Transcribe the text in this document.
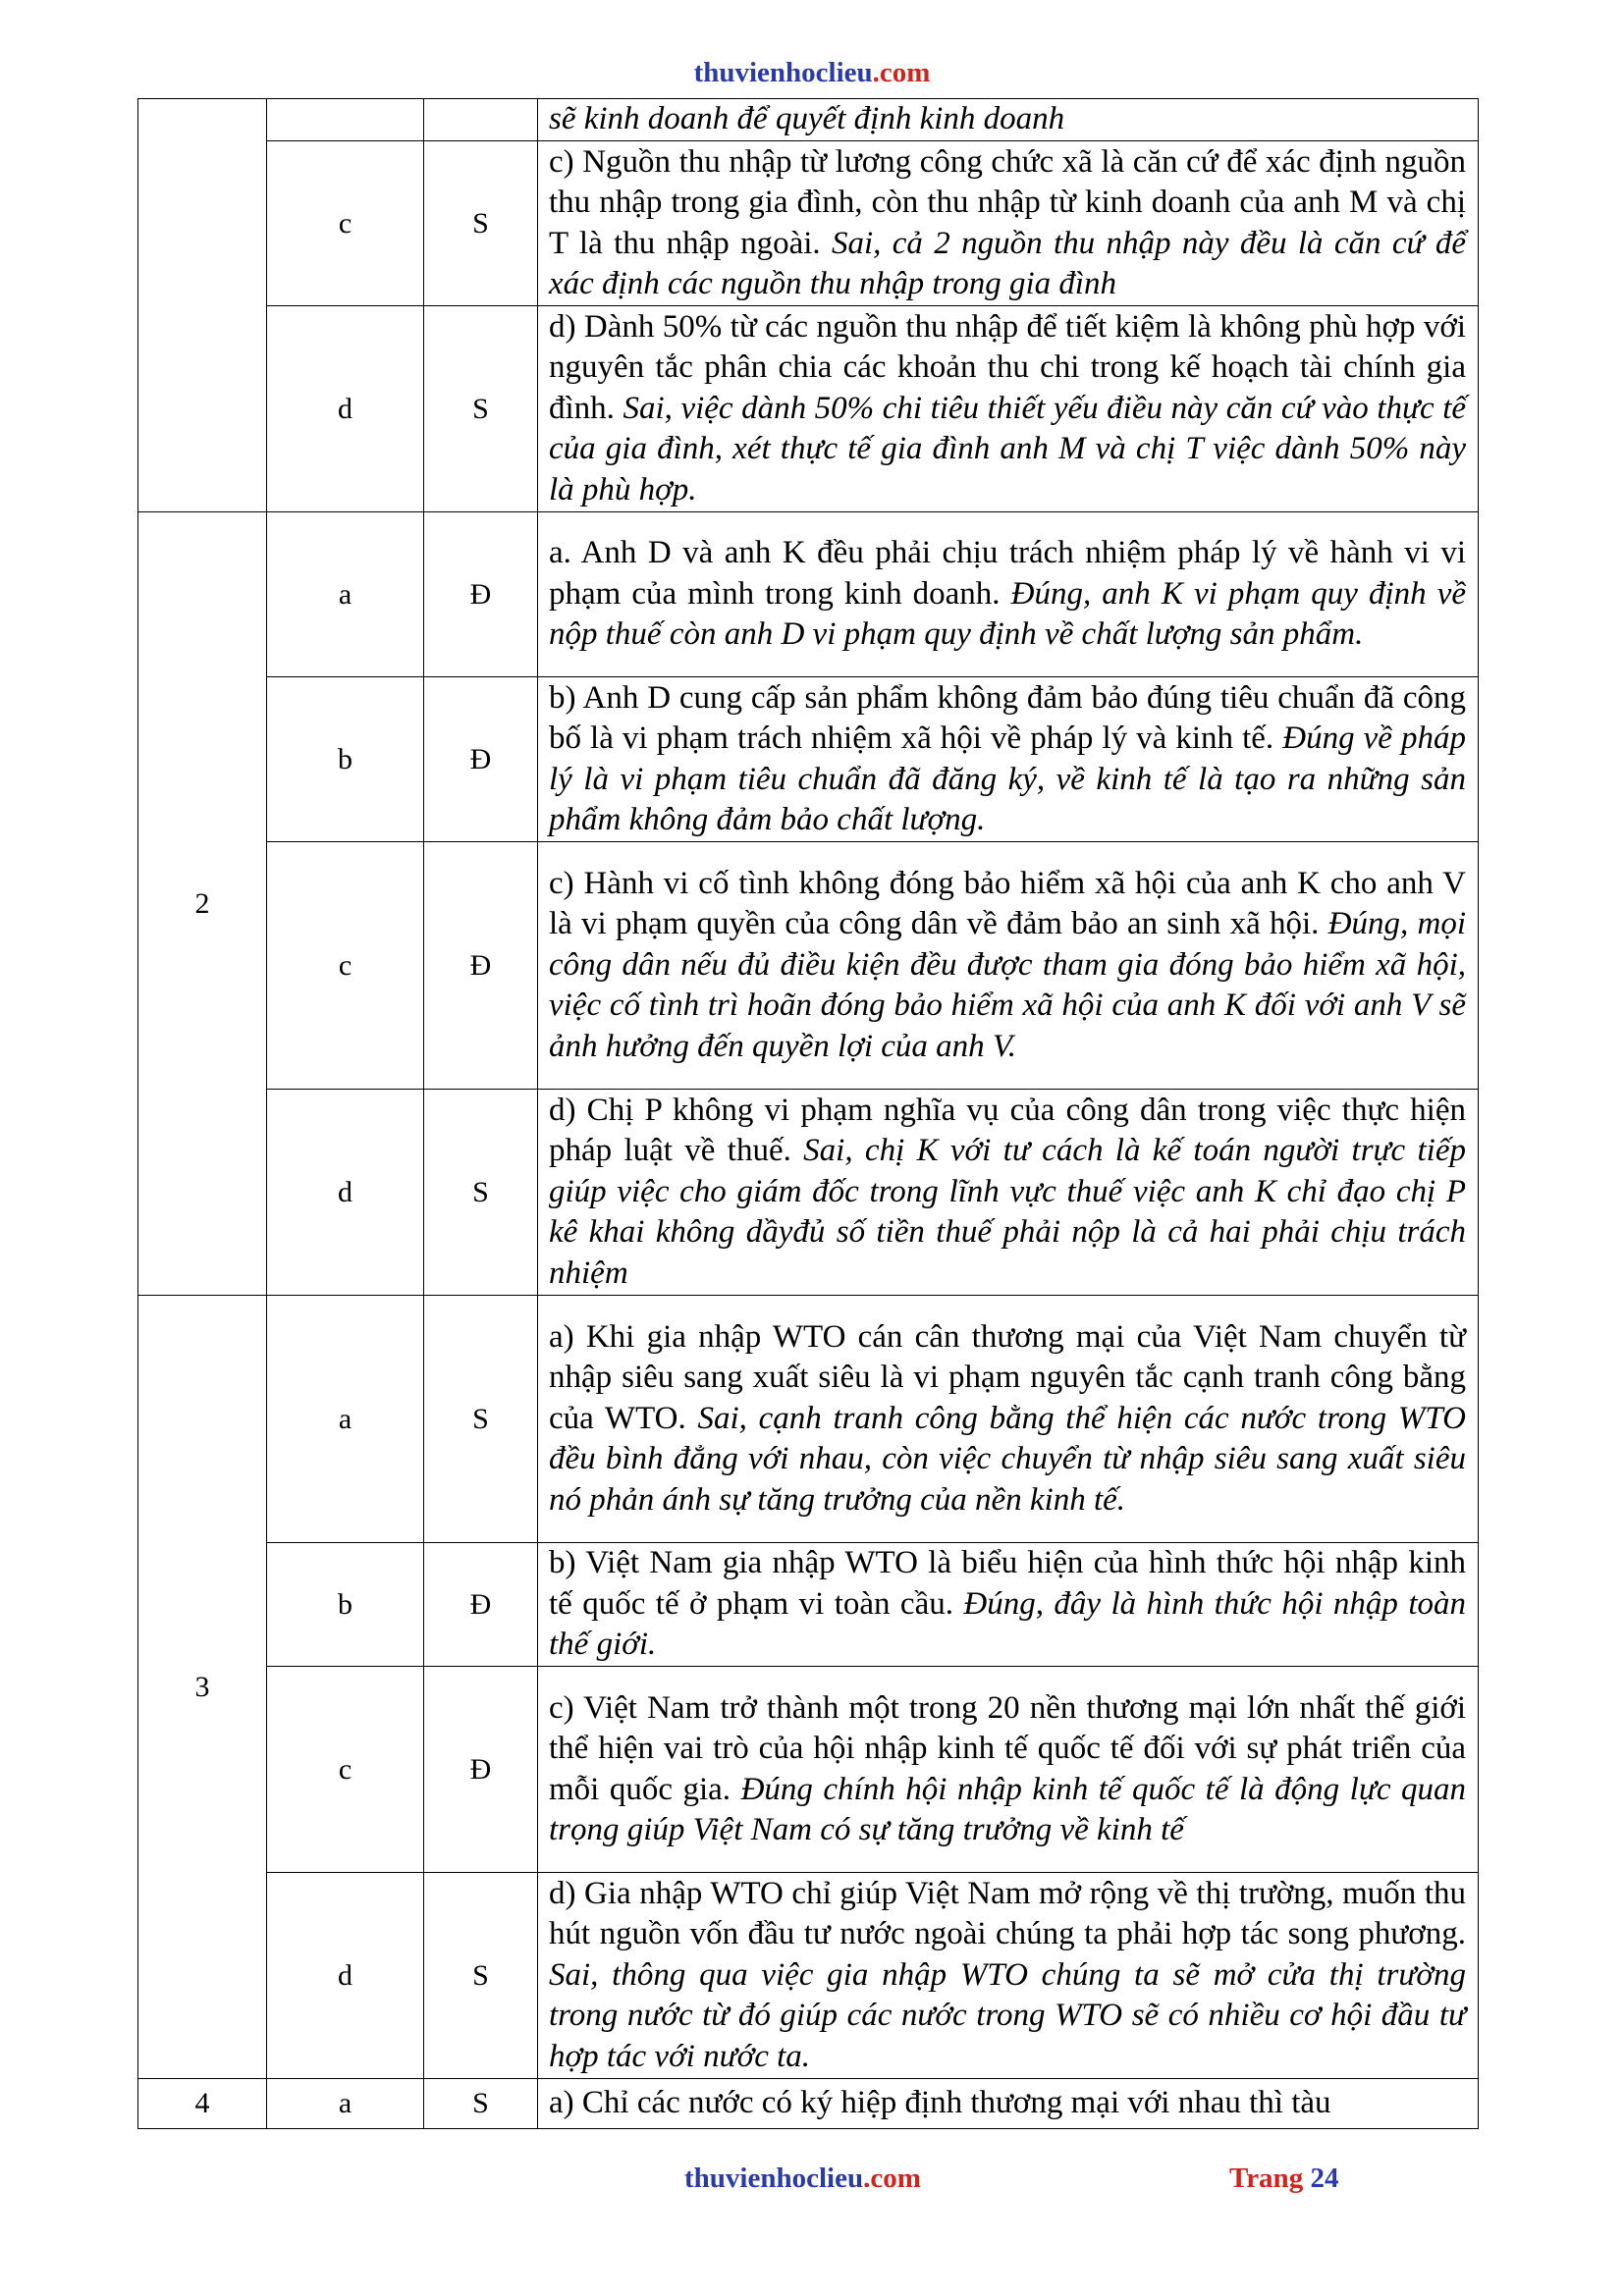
thuvienhoclieu.com
			sẽ kinh doanh để quyết định kinh doanh
	c	S	c) Nguồn thu nhập từ lương công chức xã là căn cứ để xác định nguồn thu nhập trong gia đình, còn thu nhập từ kinh doanh của anh M và chị T là thu nhập ngoài. Sai, cả 2 nguồn thu nhập này đều là căn cứ để xác định các nguồn thu nhập trong gia đình
	d	S	d) Dành 50% từ các nguồn thu nhập để tiết kiệm là không phù hợp với nguyên tắc phân chia các khoản thu chi trong kế hoạch tài chính gia đình. Sai, việc dành 50% chi tiêu thiết yếu điều này căn cứ vào thực tế của gia đình, xét thực tế gia đình anh M và chị T việc dành 50% này là phù hợp.
2	a	Đ	a. Anh D và anh K đều phải chịu trách nhiệm pháp lý về hành vi vi phạm của mình trong kinh doanh. Đúng, anh K vi phạm quy định về nộp thuế còn anh D vi phạm quy định về chất lượng sản phẩm.
	b	Đ	b) Anh D cung cấp sản phẩm không đảm bảo đúng tiêu chuẩn đã công bố là vi phạm trách nhiệm xã hội về pháp lý và kinh tế. Đúng về pháp lý là vi phạm tiêu chuẩn đã đăng ký, về kinh tế là tạo ra những sản phẩm không đảm bảo chất lượng.
	c	Đ	c) Hành vi cố tình không đóng bảo hiểm xã hội của anh K cho anh V là vi phạm quyền của công dân về đảm bảo an sinh xã hội. Đúng, mọi công dân nếu đủ điều kiện đều được tham gia đóng bảo hiểm xã hội, việc cố tình trì hoãn đóng bảo hiểm xã hội của anh K đối với anh V sẽ ảnh hưởng đến quyền lợi của anh V.
	d	S	d) Chị P không vi phạm nghĩa vụ của công dân trong việc thực hiện pháp luật về thuế. Sai, chị K với tư cách là kế toán người trực tiếp giúp việc cho giám đốc trong lĩnh vực thuế việc anh K chỉ đạo chị P kê khai không dầyđủ số tiền thuế phải nộp là cả hai phải chịu trách nhiệm
3	a	S	a) Khi gia nhập WTO cán cân thương mại của Việt Nam chuyển từ nhập siêu sang xuất siêu là vi phạm nguyên tắc cạnh tranh công bằng của WTO. Sai, cạnh tranh công bằng thể hiện các nước trong WTO đều bình đẳng với nhau, còn việc chuyển từ nhập siêu sang xuất siêu nó phản ánh sự tăng trưởng của nền kinh tế.
	b	Đ	b) Việt Nam gia nhập WTO là biểu hiện của hình thức hội nhập kinh tế quốc tế ở phạm vi toàn cầu. Đúng, đây là hình thức hội nhập toàn thế giới.
	c	Đ	c) Việt Nam trở thành một trong 20 nền thương mại lớn nhất thế giới thể hiện vai trò của hội nhập kinh tế quốc tế đối với sự phát triển của mỗi quốc gia. Đúng chính hội nhập kinh tế quốc tế là động lực quan trọng giúp Việt Nam có sự tăng trưởng về kinh tế
	d	S	d) Gia nhập WTO chỉ giúp Việt Nam mở rộng về thị trường, muốn thu hút nguồn vốn đầu tư nước ngoài chúng ta phải hợp tác song phương. Sai, thông qua việc gia nhập WTO chúng ta sẽ mở cửa thị trường trong nước từ đó giúp các nước trong WTO sẽ có nhiều cơ hội đầu tư hợp tác với nước ta.
4	a	S	a) Chỉ các nước có ký hiệp định thương mại với nhau thì tàu
thuvienhoclieu.com	Trang 24
